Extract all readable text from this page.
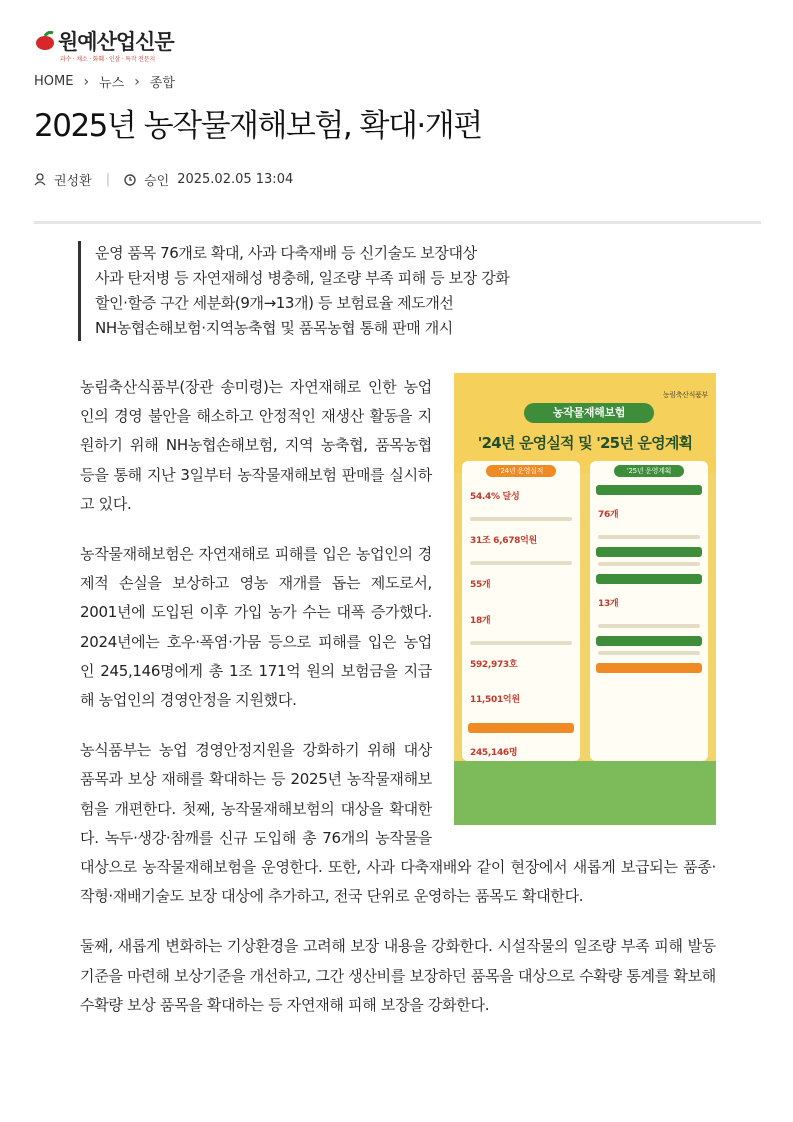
원예산업신문
과수 · 채소 · 화훼 · 인삼 · 특작 전문지
HOME › 뉴스 › 종합
2025년 농작물재해보험, 확대·개편
권성환 |	승인 2025.02.05 13:04
운영 품목 76개로 확대, 사과 다축재배 등 신기술도 보장대상
사과 탄저병 등 자연재해성 병충해, 일조량 부족 피해 등 보장 강화
할인·할증 구간 세분화(9개→13개) 등 보험료율 제도개선
NH농협손해보험·지역농축협 및 품목농협 통해 판매 개시
농림축산식품부
농작물재해보험
'24년 운영실적 및 '25년 운영계획
'24년 운영실적
54.4% 달성
31조 6,678억원
55개
18개
592,973호
11,501억원
245,146명
'25년 운영계획
76개
13개

농림축산식품부(장관 송미령)는 자연재해로 인한 농업인의 경영 불안을 해소하고 안정적인 재생산 활동을 지원하기 위해 NH농협손해보험, 지역 농축협, 품목농협 등을 통해 지난 3일부터 농작물재해보험 판매를 실시하고 있다.

농작물재해보험은 자연재해로 피해를 입은 농업인의 경제적 손실을 보상하고 영농 재개를 돕는 제도로서, 2001년에 도입된 이후 가입 농가 수는 대폭 증가했다. 2024년에는 호우·폭염·가뭄 등으로 피해를 입은 농업인 245,146명에게 총 1조 171억 원의 보험금을 지급해 농업인의 경영안정을 지원했다.

농식품부는 농업 경영안정지원을 강화하기 위해 대상 품목과 보상 재해를 확대하는 등 2025년 농작물재해보험을 개편한다. 첫째, 농작물재해보험의 대상을 확대한다. 녹두·생강·참깨를 신규 도입해 총 76개의 농작물을 대상으로 농작물재해보험을 운영한다. 또한, 사과 다축재배와 같이 현장에서 새롭게 보급되는 품종·작형·재배기술도 보장 대상에 추가하고, 전국 단위로 운영하는 품목도 확대한다.

둘째, 새롭게 변화하는 기상환경을 고려해 보장 내용을 강화한다. 시설작물의 일조량 부족 피해 발동 기준을 마련해 보상기준을 개선하고, 그간 생산비를 보장하던 품목을 대상으로 수확량 통계를 확보해 수확량 보상 품목을 확대하는 등 자연재해 피해 보장을 강화한다.
